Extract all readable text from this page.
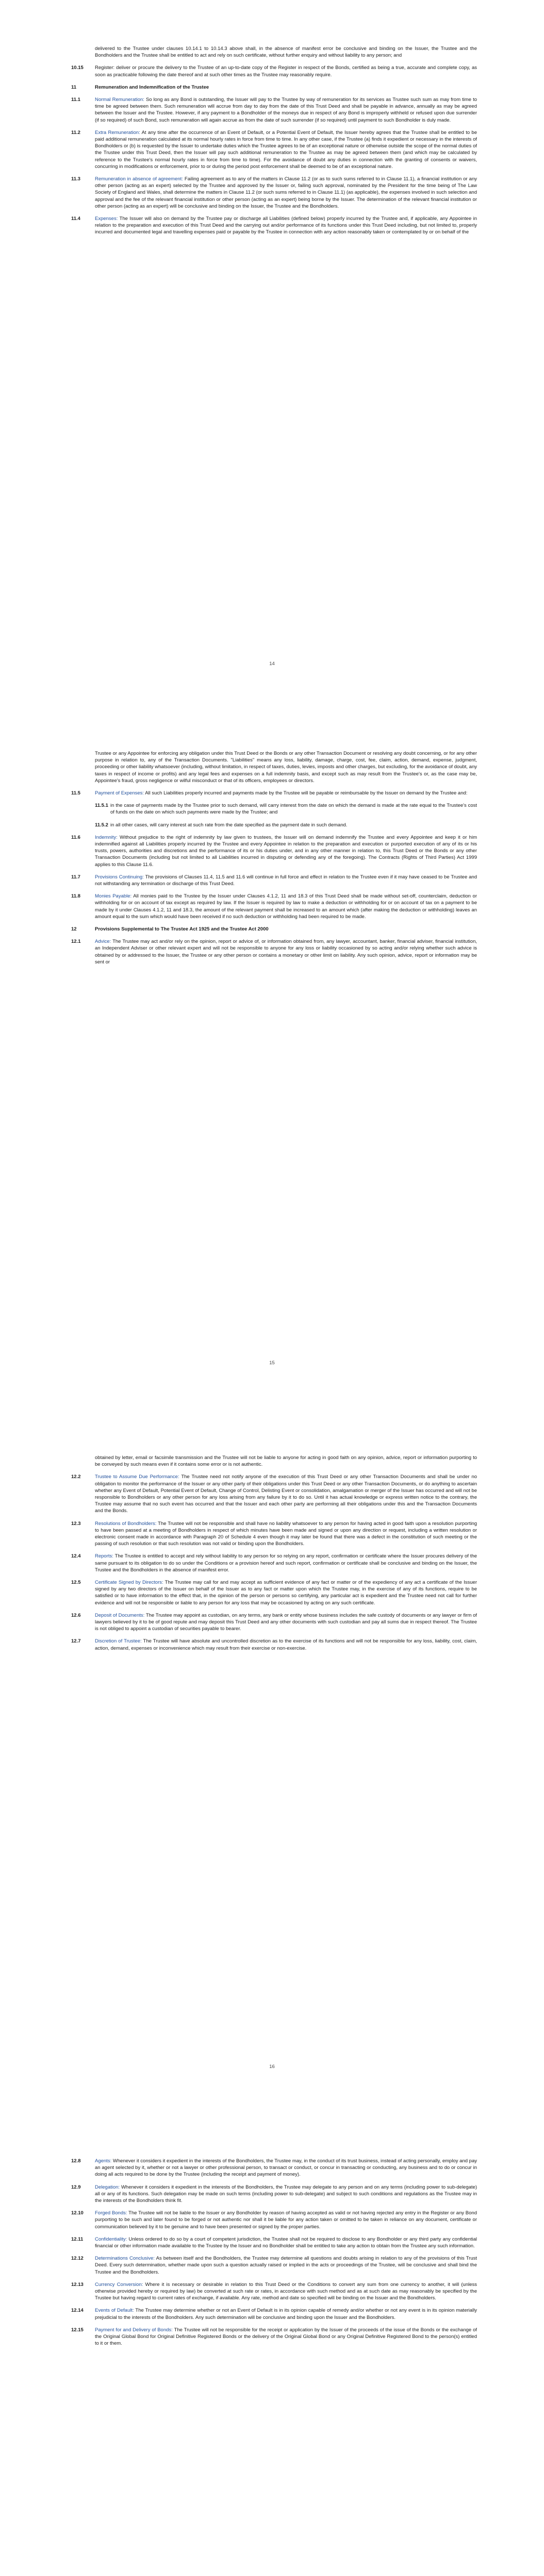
delivered to the Trustee under clauses 10.14.1 to 10.14.3 above shall, in the absence of manifest error be conclusive and binding on the Issuer, the Trustee and the Bondholders and the Trustee shall be entitled to act and rely on such certificate, without further enquiry and without liability to any person; and
10.15	Register: deliver or procure the delivery to the Trustee of an up-to-date copy of the Register in respect of the Bonds, certified as being a true, accurate and complete copy, as soon as practicable following the date thereof and at such other times as the Trustee may reasonably require.
11	Remuneration and Indemnification of the Trustee
11.1	Normal Remuneration: So long as any Bond is outstanding, the Issuer will pay to the Trustee by way of remuneration for its services as Trustee such sum as may from time to time be agreed between them. Such remuneration will accrue from day to day from the date of this Trust Deed and shall be payable in advance, annually as may be agreed between the Issuer and the Trustee. However, if any payment to a Bondholder of the moneys due in respect of any Bond is improperly withheld or refused upon due surrender (if so required) of such Bond, such remuneration will again accrue as from the date of such surrender (if so required) until payment to such Bondholder is duly made.
11.2	Extra Remuneration: At any time after the occurrence of an Event of Default, or a Potential Event of Default, the Issuer hereby agrees that the Trustee shall be entitled to be paid additional remuneration calculated at its normal hourly rates in force from time to time. In any other case, if the Trustee (a) finds it expedient or necessary in the interests of Bondholders or (b) is requested by the Issuer to undertake duties which the Trustee agrees to be of an exceptional nature or otherwise outside the scope of the normal duties of the Trustee under this Trust Deed, then the Issuer will pay such additional remuneration to the Trustee as may be agreed between them (and which may be calculated by reference to the Trustee's normal hourly rates in force from time to time). For the avoidance of doubt any duties in connection with the granting of consents or waivers, concurring in modifications or enforcement, prior to or during the period post enforcement shall be deemed to be of an exceptional nature.
11.3	Remuneration in absence of agreement: Failing agreement as to any of the matters in Clause 11.2 (or as to such sums referred to in Clause 11.1), a financial institution or any other person (acting as an expert) selected by the Trustee and approved by the Issuer or, failing such approval, nominated by the President for the time being of The Law Society of England and Wales, shall determine the matters in Clause 11.2 (or such sums referred to in Clause 11.1) (as applicable), the expenses involved in such selection and approval and the fee of the relevant financial institution or other person (acting as an expert) being borne by the Issuer. The determination of the relevant financial institution or other person (acting as an expert) will be conclusive and binding on the Issuer, the Trustee and the Bondholders.
11.4	Expenses: The Issuer will also on demand by the Trustee pay or discharge all Liabilities (defined below) properly incurred by the Trustee and, if applicable, any Appointee in relation to the preparation and execution of this Trust Deed and the carrying out and/or performance of its functions under this Trust Deed including, but not limited to, properly incurred and documented legal and travelling expenses paid or payable by the Trustee in connection with any action reasonably taken or contemplated by or on behalf of the
14
Trustee or any Appointee for enforcing any obligation under this Trust Deed or the Bonds or any other Transaction Document or resolving any doubt concerning, or for any other purpose in relation to, any of the Transaction Documents. "Liabilities" means any loss, liability, damage, charge, cost, fee, claim, action, demand, expense, judgment, proceeding or other liability whatsoever (including, without limitation, in respect of taxes, duties, levies, imposts and other charges, but excluding, for the avoidance of doubt, any taxes in respect of income or profits) and any legal fees and expenses on a full indemnity basis, and except such as may result from the Trustee's or, as the case may be, Appointee's fraud, gross negligence or wilful misconduct or that of its officers, employees or directors.
11.5	Payment of Expenses: All such Liabilities properly incurred and payments made by the Trustee will be payable or reimbursable by the Issuer on demand by the Trustee and:
11.5.1 in the case of payments made by the Trustee prior to such demand, will carry interest from the date on which the demand is made at the rate equal to the Trustee's cost of funds on the date on which such payments were made by the Trustee; and
11.5.2 in all other cases, will carry interest at such rate from the date specified as the payment date in such demand.
11.6	Indemnity: Without prejudice to the right of indemnity by law given to trustees, the Issuer will on demand indemnify the Trustee and every Appointee and keep it or him indemnified against all Liabilities properly incurred by the Trustee and every Appointee in relation to the preparation and execution or purported execution of any of its or his trusts, powers, authorities and discretions and the performance of its or his duties under, and in any other manner in relation to, this Trust Deed or the Bonds or any other Transaction Documents (including but not limited to all Liabilities incurred in disputing or defending any of the foregoing). The Contracts (Rights of Third Parties) Act 1999 applies to this Clause 11.6.
11.7	Provisions Continuing: The provisions of Clauses 11.4, 11.5 and 11.6 will continue in full force and effect in relation to the Trustee even if it may have ceased to be Trustee and not withstanding any termination or discharge of this Trust Deed.
11.8	Monies Payable: All monies paid to the Trustee by the Issuer under Clauses 4.1.2, 11 and 18.3 of this Trust Deed shall be made without set-off, counterclaim, deduction or withholding for or on account of tax except as required by law. If the Issuer is required by law to make a deduction or withholding for or on account of tax on a payment to be made by it under Clauses 4.1.2, 11 and 18.3, the amount of the relevant payment shall be increased to an amount which (after making the deduction or withholding) leaves an amount equal to the sum which would have been received if no such deduction or withholding had been required to be made.
12	Provisions Supplemental to The Trustee Act 1925 and the Trustee Act 2000
12.1	Advice: The Trustee may act and/or rely on the opinion, report or advice of, or information obtained from, any lawyer, accountant, banker, financial adviser, financial institution, an Independent Adviser or other relevant expert and will not be responsible to anyone for any loss or liability occasioned by so acting and/or relying whether such advice is obtained by or addressed to the Issuer, the Trustee or any other person or contains a monetary or other limit on liability. Any such opinion, advice, report or information may be sent or
15
obtained by letter, email or facsimile transmission and the Trustee will not be liable to anyone for acting in good faith on any opinion, advice, report or information purporting to be conveyed by such means even if it contains some error or is not authentic.
12.2	Trustee to Assume Due Performance: The Trustee need not notify anyone of the execution of this Trust Deed or any other Transaction Documents and shall be under no obligation to monitor the performance of the Issuer or any other party of their obligations under this Trust Deed or any other Transaction Documents, or do anything to ascertain whether any Event of Default, Potential Event of Default, Change of Control, Delisting Event or consolidation, amalgamation or merger of the Issuer has occurred and will not be responsible to Bondholders or any other person for any loss arising from any failure by it to do so. Until it has actual knowledge or express written notice to the contrary, the Trustee may assume that no such event has occurred and that the Issuer and each other party are performing all their obligations under this and the Transaction Documents and the Bonds.
12.3	Resolutions of Bondholders: The Trustee will not be responsible and shall have no liability whatsoever to any person for having acted in good faith upon a resolution purporting to have been passed at a meeting of Bondholders in respect of which minutes have been made and signed or upon any direction or request, including a written resolution or electronic consent made in accordance with Paragraph 20 of Schedule 4 even though it may later be found that there was a defect in the constitution of such meeting or the passing of such resolution or that such resolution was not valid or binding upon the Bondholders.
12.4	Reports: The Trustee is entitled to accept and rely without liability to any person for so relying on any report, confirmation or certificate where the Issuer procures delivery of the same pursuant to its obligation to do so under the Conditions or a provision hereof and such report, confirmation or certificate shall be conclusive and binding on the Issuer, the Trustee and the Bondholders in the absence of manifest error.
12.5	Certificate Signed by Directors: The Trustee may call for and may accept as sufficient evidence of any fact or matter or of the expediency of any act a certificate of the Issuer signed by any two directors of the Issuer on behalf of the Issuer as to any fact or matter upon which the Trustee may, in the exercise of any of its functions, require to be satisfied or to have information to the effect that, in the opinion of the person or persons so certifying, any particular act is expedient and the Trustee need not call for further evidence and will not be responsible or liable to any person for any loss that may be occasioned by acting on any such certificate.
12.6	Deposit of Documents: The Trustee may appoint as custodian, on any terms, any bank or entity whose business includes the safe custody of documents or any lawyer or firm of lawyers believed by it to be of good repute and may deposit this Trust Deed and any other documents with such custodian and pay all sums due in respect thereof. The Trustee is not obliged to appoint a custodian of securities payable to bearer.
12.7	Discretion of Trustee: The Trustee will have absolute and uncontrolled discretion as to the exercise of its functions and will not be responsible for any loss, liability, cost, claim, action, demand, expenses or inconvenience which may result from their exercise or non-exercise.
16
12.8	Agents: Whenever it considers it expedient in the interests of the Bondholders, the Trustee may, in the conduct of its trust business, instead of acting personally, employ and pay an agent selected by it, whether or not a lawyer or other professional person, to transact or conduct, or concur in transacting or conducting, any business and to do or concur in doing all acts required to be done by the Trustee (including the receipt and payment of money).
12.9	Delegation: Whenever it considers it expedient in the interests of the Bondholders, the Trustee may delegate to any person and on any terms (including power to sub-delegate) all or any of its functions. Such delegation may be made on such terms (including power to sub-delegate) and subject to such conditions and regulations as the Trustee may in the interests of the Bondholders think fit.
12.10	Forged Bonds: The Trustee will not be liable to the Issuer or any Bondholder by reason of having accepted as valid or not having rejected any entry in the Register or any Bond purporting to be such and later found to be forged or not authentic nor shall it be liable for any action taken or omitted to be taken in reliance on any document, certificate or communication believed by it to be genuine and to have been presented or signed by the proper parties.
12.11	Confidentiality: Unless ordered to do so by a court of competent jurisdiction, the Trustee shall not be required to disclose to any Bondholder or any third party any confidential financial or other information made available to the Trustee by the Issuer and no Bondholder shall be entitled to take any action to obtain from the Trustee any such information.
12.12	Determinations Conclusive: As between itself and the Bondholders, the Trustee may determine all questions and doubts arising in relation to any of the provisions of this Trust Deed. Every such determination, whether made upon such a question actually raised or implied in the acts or proceedings of the Trustee, will be conclusive and shall bind the Trustee and the Bondholders.
12.13	Currency Conversion: Where it is necessary or desirable in relation to this Trust Deed or the Conditions to convert any sum from one currency to another, it will (unless otherwise provided hereby or required by law) be converted at such rate or rates, in accordance with such method and as at such date as may reasonably be specified by the Trustee but having regard to current rates of exchange, if available. Any rate, method and date so specified will be binding on the Issuer and the Bondholders.
12.14	Events of Default: The Trustee may determine whether or not an Event of Default is in its opinion capable of remedy and/or whether or not any event is in its opinion materially prejudicial to the interests of the Bondholders. Any such determination will be conclusive and binding upon the Issuer and the Bondholders.
12.15	Payment for and Delivery of Bonds: The Trustee will not be responsible for the receipt or application by the Issuer of the proceeds of the issue of the Bonds or the exchange of the Original Global Bond for Original Definitive Registered Bonds or the delivery of the Original Global Bond or any Original Definitive Registered Bond to the person(s) entitled to it or them.
